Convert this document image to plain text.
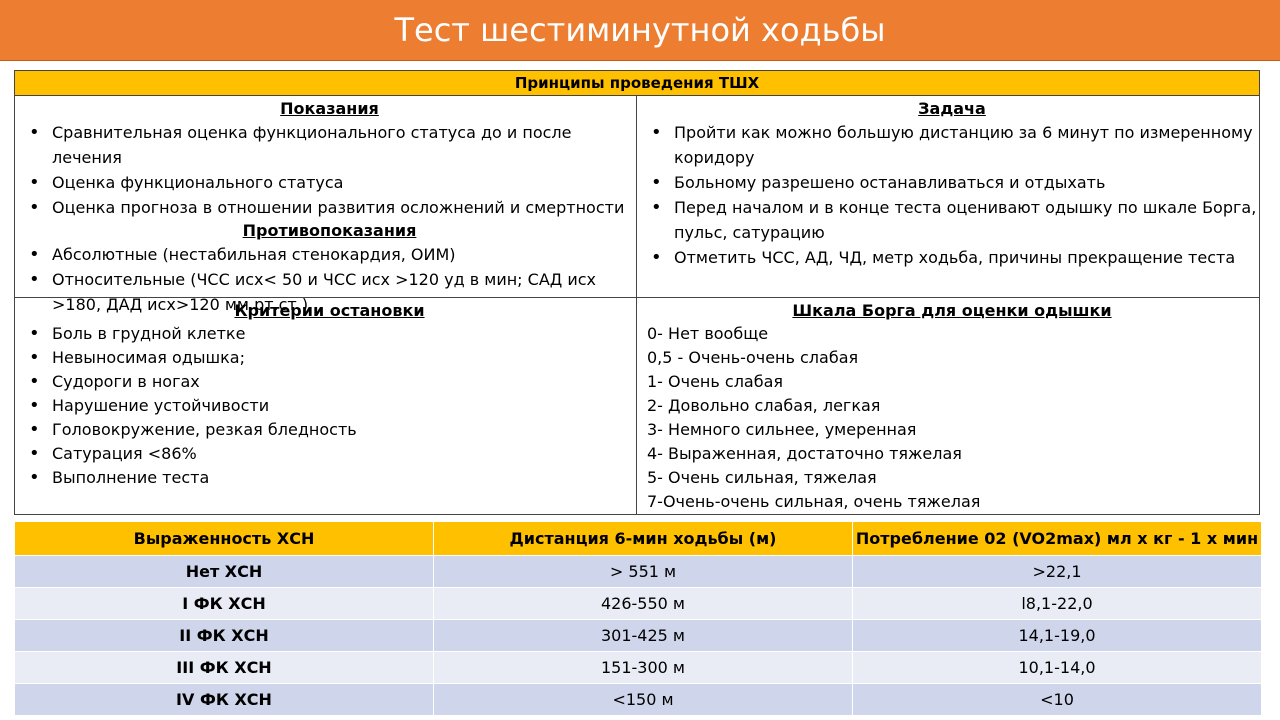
Тест шестиминутной ходьбы
Принципы проведения ТШХ
Показания
• Сравнительная оценка функционального статуса до и после лечения
• Оценка функционального статуса
• Оценка прогноза в отношении развития осложнений и смертности
Противопоказания
• Абсолютные (нестабильная стенокардия, ОИМ)
• Относительные (ЧСС исх< 50 и ЧСС исх >120 уд в мин; САД исх >180, ДАД исх>120 мм.рт.ст.)
Задача
• Пройти как можно большую дистанцию за 6 минут по измеренному коридору
• Больному разрешено останавливаться и отдыхать
• Перед началом и в конце теста оценивают одышку по шкале Борга, пульс, сатурацию
• Отметить ЧСС, АД, ЧД, метр ходьба, причины прекращение теста
Критерии остановки
• Боль в грудной клетке
• Невыносимая одышка;
• Судороги в ногах
• Нарушение устойчивости
• Головокружение, резкая бледность
• Сатурация <86%
• Выполнение теста
Шкала Борга для оценки одышки
0- Нет вообще
0,5 - Очень-очень слабая
1- Очень слабая
2- Довольно слабая, легкая
3- Немного сильнее, умеренная
4- Выраженная, достаточно тяжелая
5- Очень сильная, тяжелая
7-Очень-очень сильная, очень тяжелая
Выраженность ХСН	Дистанция 6-мин ходьбы (м)	Потребление 02 (VO2max) мл х кг - 1 х мин
Нет ХСН	> 551 м	>22,1
I ФК ХСН	426-550 м	l8,1-22,0
II ФК ХСН	301-425 м	14,1-19,0
III ФК ХСН	151-300 м	10,1-14,0
IV ФК ХСН	<150 м	<10
